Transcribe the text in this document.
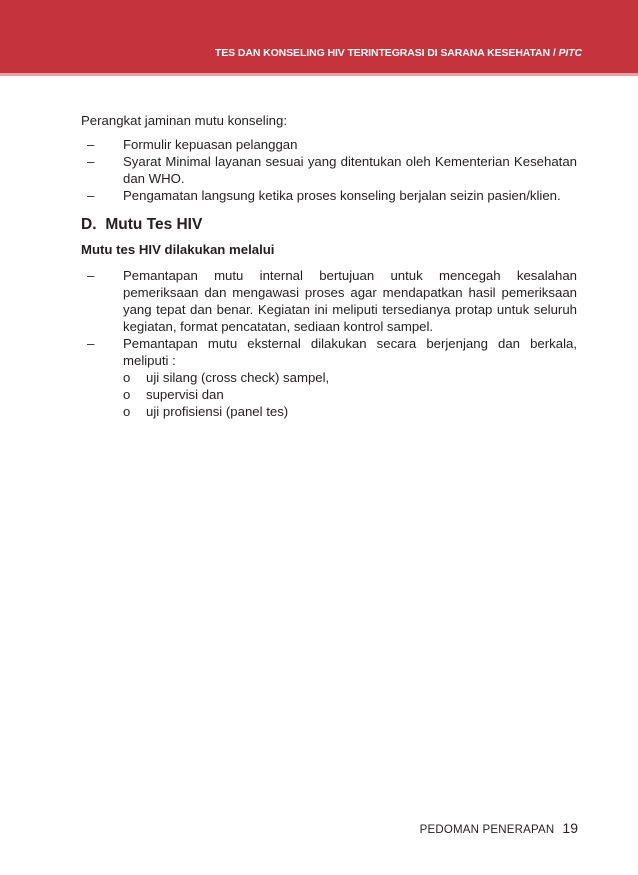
TES DAN KONSELING HIV TERINTEGRASI DI SARANA KESEHATAN / PITC

Perangkat jaminan mutu konseling:

– Formulir kepuasan pelanggan
– Syarat Minimal layanan sesuai yang ditentukan oleh Kementerian Kesehatan dan WHO.
– Pengamatan langsung ketika proses konseling berjalan seizin pasien/klien.
D. Mutu Tes HIV
Mutu tes HIV dilakukan melalui
– Pemantapan mutu internal bertujuan untuk mencegah kesalahan pemeriksaan dan mengawasi proses agar mendapatkan hasil pemeriksaan yang tepat dan benar. Kegiatan ini meliputi tersedianya protap untuk seluruh kegiatan, format pencatatan, sediaan kontrol sampel.
– Pemantapan mutu eksternal dilakukan secara berjenjang dan berkala, meliputi :
o uji silang (cross check) sampel,
o supervisi dan
o uji profisiensi (panel tes)
PEDOMAN PENERAPAN 19
